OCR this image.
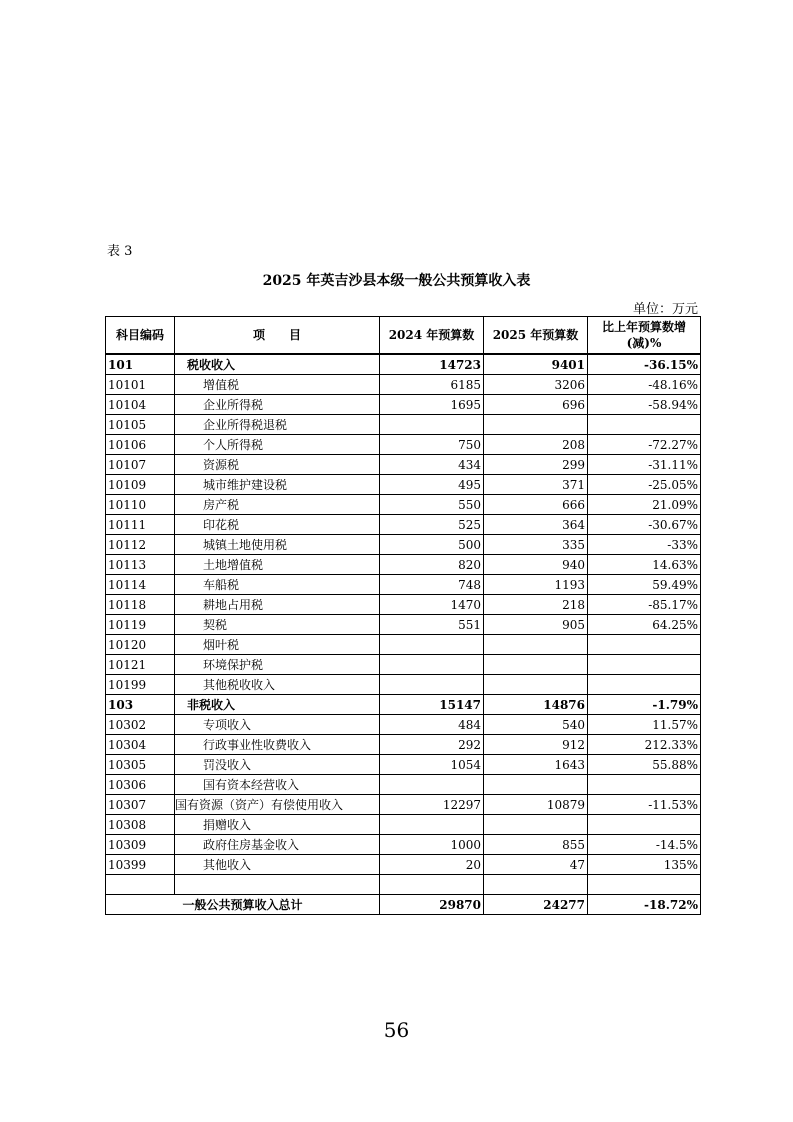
表 3
2025 年英吉沙县本级一般公共预算收入表
单位：万元
科目编码	项　　目	2024 年预算数	2025 年预算数	比上年预算数增
(减)%
101	税收收入	14723	9401	-36.15%
10101	增值税	6185	3206	-48.16%
10104	企业所得税	1695	696	-58.94%
10105	企业所得税退税			
10106	个人所得税	750	208	-72.27%
10107	资源税	434	299	-31.11%
10109	城市维护建设税	495	371	-25.05%
10110	房产税	550	666	21.09%
10111	印花税	525	364	-30.67%
10112	城镇土地使用税	500	335	-33%
10113	土地增值税	820	940	14.63%
10114	车船税	748	1193	59.49%
10118	耕地占用税	1470	218	-85.17%
10119	契税	551	905	64.25%
10120	烟叶税			
10121	环境保护税			
10199	其他税收收入			
103	非税收入	15147	14876	-1.79%
10302	专项收入	484	540	11.57%
10304	行政事业性收费收入	292	912	212.33%
10305	罚没收入	1054	1643	55.88%
10306	国有资本经营收入			
10307	国有资源（资产）有偿使用收入	12297	10879	-11.53%
10308	捐赠收入			
10309	政府住房基金收入	1000	855	-14.5%
10399	其他收入	20	47	135%

一般公共预算收入总计		29870	24277	-18.72%
56
